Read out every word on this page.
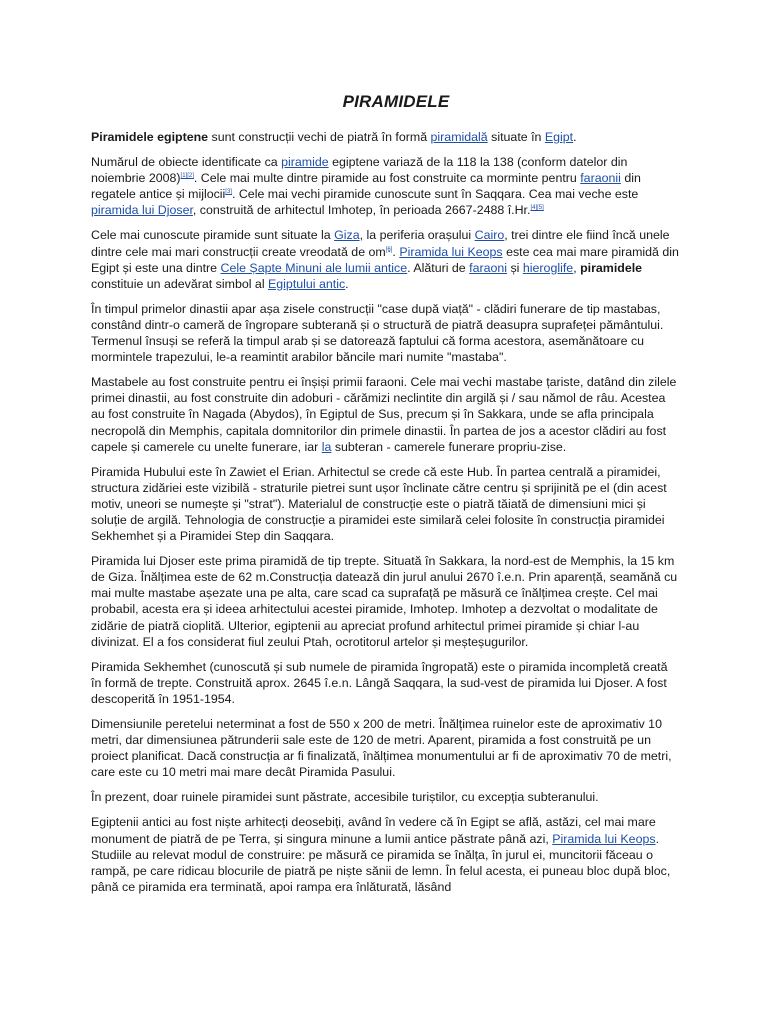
PIRAMIDELE

Piramidele egiptene sunt construcții vechi de piatră în formă piramidală situate în Egipt.

Numărul de obiecte identificate ca piramide egiptene variază de la 118 la 138 (conform datelor din noiembrie 2008)[1][2]. Cele mai multe dintre piramide au fost construite ca morminte pentru faraonii din regatele antice și mijlocii[3]. Cele mai vechi piramide cunoscute sunt în Saqqara. Cea mai veche este piramida lui Djoser, construită de arhitectul Imhotep, în perioada 2667-2488 î.Hr.[4][5]

Cele mai cunoscute piramide sunt situate la Giza, la periferia orașului Cairo, trei dintre ele fiind încă unele dintre cele mai mari construcții create vreodată de om[6]. Piramida lui Keops este cea mai mare piramidă din Egipt și este una dintre Cele Șapte Minuni ale lumii antice. Alături de faraoni și hieroglife, piramidele constituie un adevărat simbol al Egiptului antic.

În timpul primelor dinastii apar așa zisele construcții "case după viață" - clădiri funerare de tip mastabas, constând dintr-o cameră de îngropare subterană și o structură de piatră deasupra suprafeței pământului. Termenul însuși se referă la timpul arab și se datorează faptului că forma acestora, asemănătoare cu mormintele trapezului, le-a reamintit arabilor băncile mari numite "mastaba".

Mastabele au fost construite pentru ei înșiși primii faraoni. Cele mai vechi mastabe țariste, datând din zilele primei dinastii, au fost construite din adoburi - cărămizi neclintite din argilă și / sau nămol de râu. Acestea au fost construite în Nagada (Abydos), în Egiptul de Sus, precum și în Sakkara, unde se afla principala necropolă din Memphis, capitala domnitorilor din primele dinastii. În partea de jos a acestor clădiri au fost capele și camerele cu unelte funerare, iar la subteran - camerele funerare propriu-zise.

Piramida Hubului este în Zawiet el Erian. Arhitectul se crede că este Hub. În partea centrală a piramidei, structura zidăriei este vizibilă - straturile pietrei sunt ușor înclinate către centru și sprijinită pe el (din acest motiv, uneori se numește și "strat"). Materialul de construcție este o piatră tăiată de dimensiuni mici și soluție de argilă. Tehnologia de construcție a piramidei este similară celei folosite în construcția piramidei Sekhemhet și a Piramidei Step din Saqqara.

Piramida lui Djoser este prima piramidă de tip trepte. Situată în Sakkara, la nord-est de Memphis, la 15 km de Giza. Înălțimea este de 62 m.Construcția datează din jurul anului 2670 î.e.n. Prin aparență, seamănă cu mai multe mastabe așezate una pe alta, care scad ca suprafață pe măsură ce înălțimea crește. Cel mai probabil, acesta era și ideea arhitectului acestei piramide, Imhotep. Imhotep a dezvoltat o modalitate de zidărie de piatră cioplită. Ulterior, egiptenii au apreciat profund arhitectul primei piramide și chiar l-au divinizat. El a fos considerat fiul zeului Ptah, ocrotitorul artelor și meșteșugurilor.

Piramida Sekhemhet (cunoscută și sub numele de piramida îngropată) este o piramida incompletă creată în formă de trepte. Construită aprox. 2645 î.e.n. Lângă Saqqara, la sud-vest de piramida lui Djoser. A fost descoperită în 1951-1954.

Dimensiunile peretelui neterminat a fost de 550 x 200 de metri. Înălțimea ruinelor este de aproximativ 10 metri, dar dimensiunea pătrunderii sale este de 120 de metri. Aparent, piramida a fost construită pe un proiect planificat. Dacă construcția ar fi finalizată, înălțimea monumentului ar fi de aproximativ 70 de metri, care este cu 10 metri mai mare decât Piramida Pasului.

În prezent, doar ruinele piramidei sunt păstrate, accesibile turiștilor, cu excepția subteranului.

Egiptenii antici au fost niște arhitecți deosebiți, având în vedere că în Egipt se află, astăzi, cel mai mare monument de piatră de pe Terra, și singura minune a lumii antice păstrate până azi, Piramida lui Keops. Studiile au relevat modul de construire: pe măsură ce piramida se înălța, în jurul ei, muncitorii făceau o rampă, pe care ridicau blocurile de piatră pe niște sănii de lemn. În felul acesta, ei puneau bloc după bloc, până ce piramida era terminată, apoi rampa era înlăturată, lăsând
